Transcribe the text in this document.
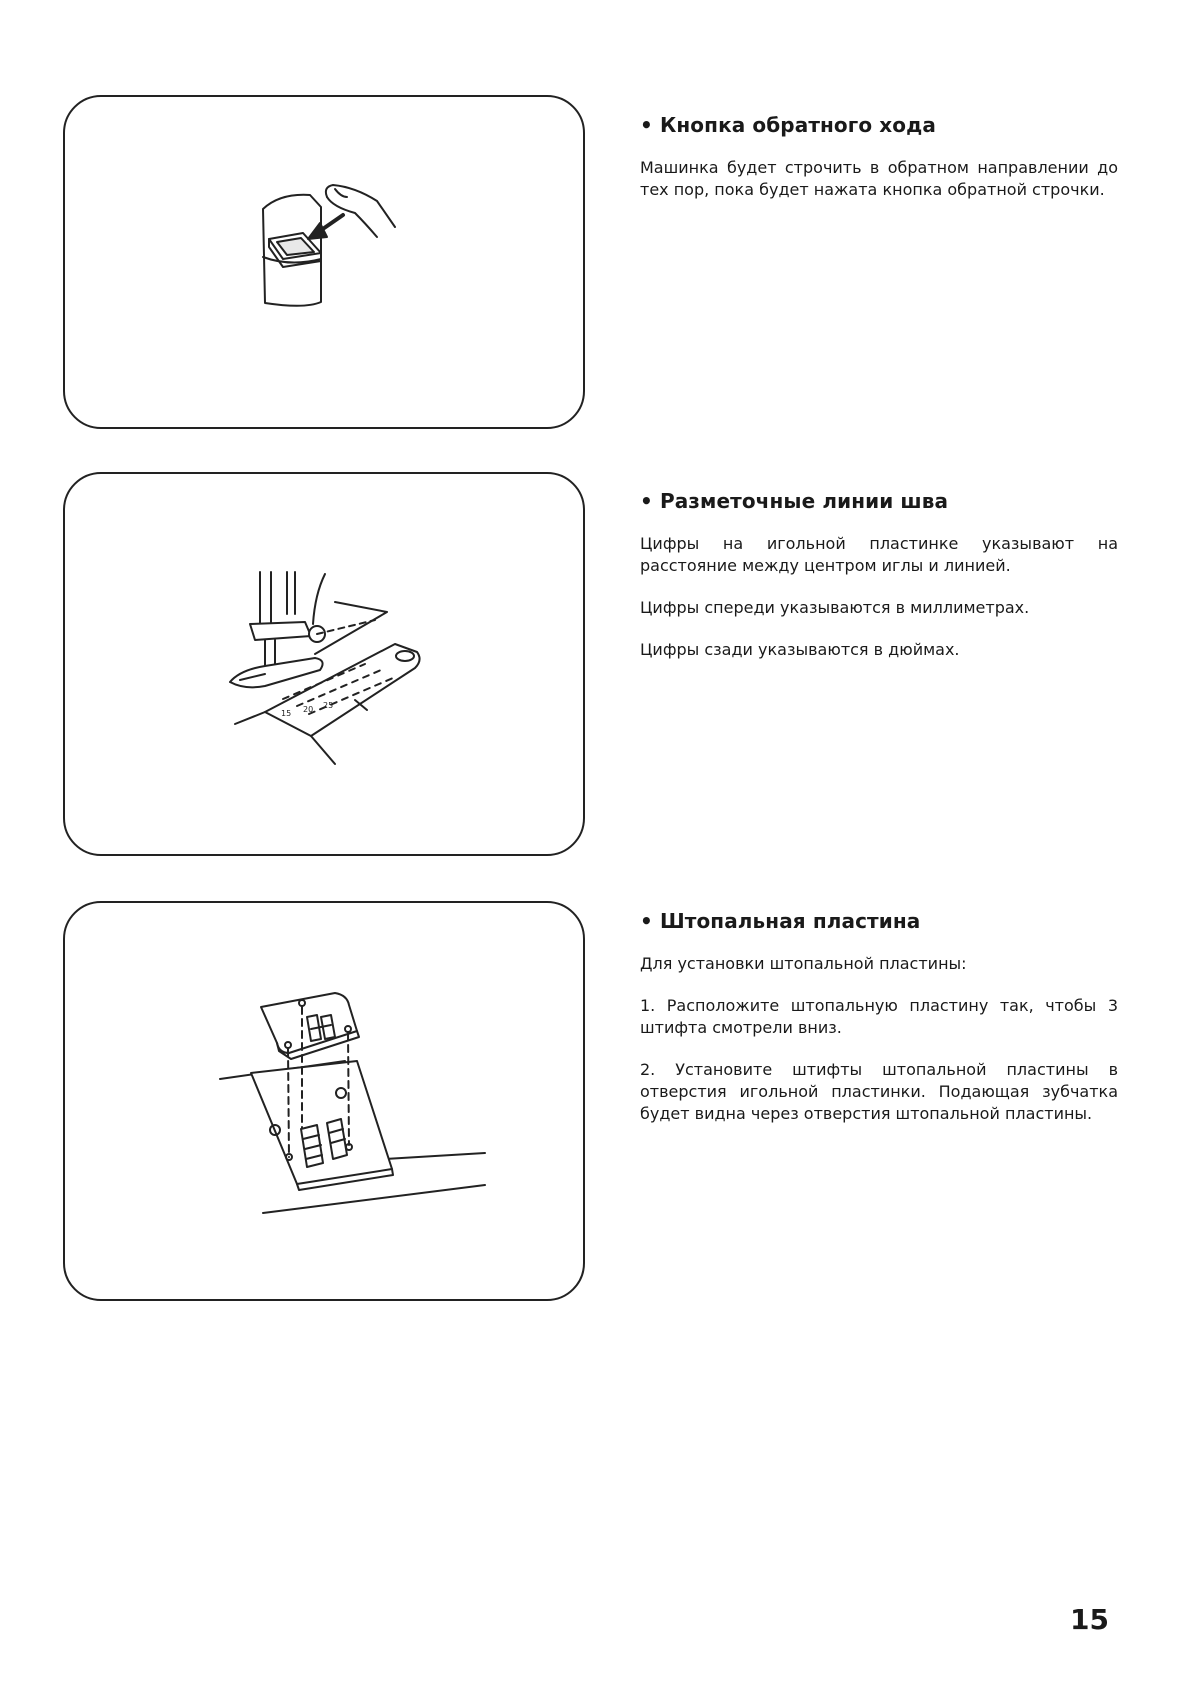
15 20 25
• Кнопка обратного хода

Машинка будет строчить в обратном направлении до тех пор, пока будет нажата кнопка обратной строчки.

• Разметочные линии шва

Цифры на игольной пластинке указывают на расстояние между центром иглы и линией.

Цифры спереди указываются в миллиметрах.

Цифры сзади указываются в дюймах.

• Штопальная пластина

Для установки штопальной пластины:

1. Расположите штопальную пластину так, чтобы 3 штифта смотрели вниз.

2. Установите штифты штопальной пластины в отверстия игольной пластинки. Подающая зубчатка будет видна через отверстия штопальной пластины.

15
